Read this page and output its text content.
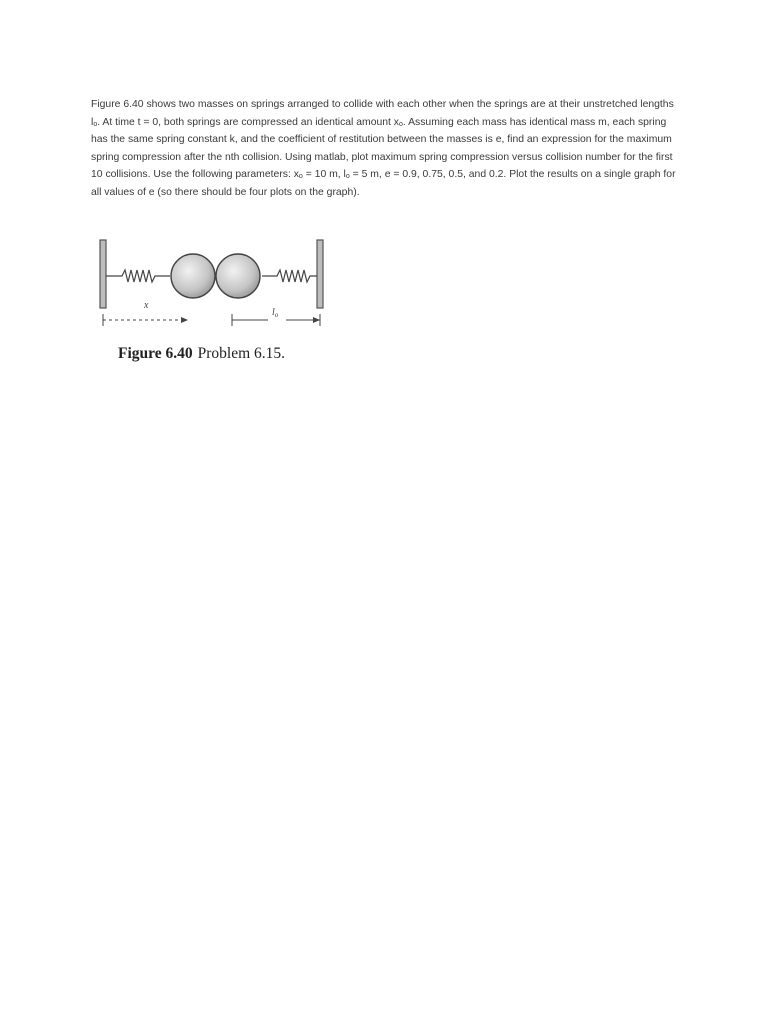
Figure 6.40 shows two masses on springs arranged to collide with each other when the springs are at their unstretched lengths $l_o$. At time t = 0, both springs are compressed an identical amount $x_o$. Assuming each mass has identical mass m, each spring has the same spring constant k, and the coefficient of restitution between the masses is e, find an expression for the maximum spring compression after the nth collision. Using matlab, plot maximum spring compression versus collision number for the first 10 collisions. Use the following parameters: $x_o = 10$ m, $l_o = 5$ m, e = 0.9, 0.75, 0.5, and 0.2. Plot the results on a single graph for all values of e (so there should be four plots on the graph).

x
$l_o$
Figure 6.40 Problem 6.15.
